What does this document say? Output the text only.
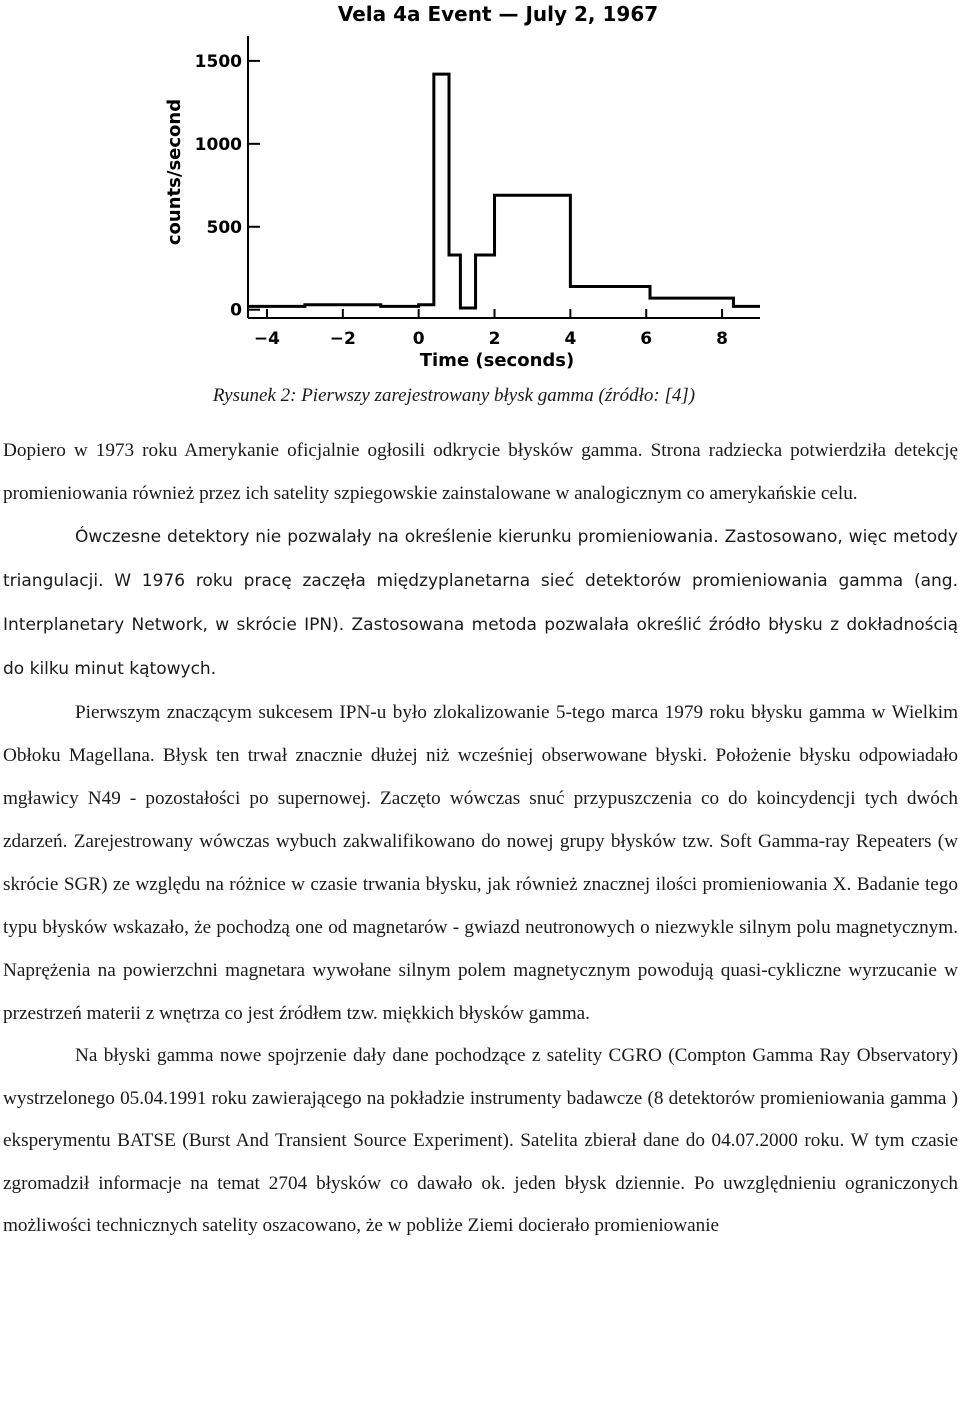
Vela 4a Event — July 2, 1967
−4	−2	0	2	4	6	8
0
500
1000
1500
Time (seconds)
counts/second
Rysunek 2: Pierwszy zarejestrowany błysk gamma (źródło: [4])

Dopiero w 1973 roku Amerykanie oficjalnie ogłosili odkrycie błysków gamma. Strona radziecka potwierdziła detekcję promieniowania również przez ich satelity szpiegowskie zainstalowane w analogicznym co amerykańskie celu.

Ówczesne detektory nie pozwalały na określenie kierunku promieniowania. Zastosowano, więc metody triangulacji. W 1976 roku pracę zaczęła międzyplanetarna sieć detektorów promieniowania gamma (ang. Interplanetary Network, w skrócie IPN). Zastosowana metoda pozwalała określić źródło błysku z dokładnością do kilku minut kątowych.

Pierwszym znaczącym sukcesem IPN-u było zlokalizowanie 5-tego marca 1979 roku błysku gamma w Wielkim Obłoku Magellana. Błysk ten trwał znacznie dłużej niż wcześniej obserwowane błyski. Położenie błysku odpowiadało mgławicy N49 - pozostałości po supernowej. Zaczęto wówczas snuć przypuszczenia co do koincydencji tych dwóch zdarzeń. Zarejestrowany wówczas wybuch zakwalifikowano do nowej grupy błysków tzw. Soft Gamma-ray Repeaters (w skrócie SGR) ze względu na różnice w czasie trwania błysku, jak również znacznej ilości promieniowania X. Badanie tego typu błysków wskazało, że pochodzą one od magnetarów - gwiazd neutronowych o niezwykle silnym polu magnetycznym. Naprężenia na powierzchni magnetara wywołane silnym polem magnetycznym powodują quasi-cykliczne wyrzucanie w przestrzeń materii z wnętrza co jest źródłem tzw. miękkich błysków gamma.

Na błyski gamma nowe spojrzenie dały dane pochodzące z satelity CGRO (Compton Gamma Ray Observatory) wystrzelonego 05.04.1991 roku zawierającego na pokładzie instrumenty badawcze (8 detektorów promieniowania gamma ) eksperymentu BATSE (Burst And Transient Source Experiment). Satelita zbierał dane do 04.07.2000 roku. W tym czasie zgromadził informacje na temat 2704 błysków co dawało ok. jeden błysk dziennie. Po uwzględnieniu ograniczonych możliwości technicznych satelity oszacowano, że w pobliże Ziemi docierało promieniowanie
